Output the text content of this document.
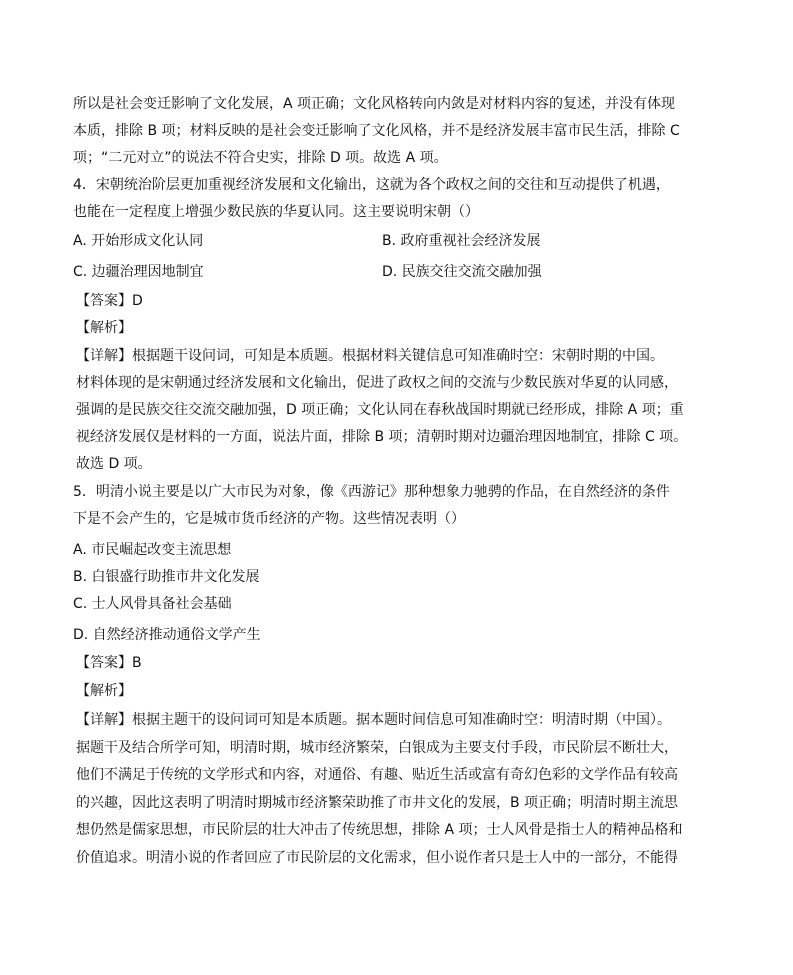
所以是社会变迁影响了文化发展，A 项正确；文化风格转向内敛是对材料内容的复述，并没有体现
本质，排除 B 项；材料反映的是社会变迁影响了文化风格，并不是经济发展丰富市民生活，排除 C
项；“二元对立”的说法不符合史实，排除 D 项。故选 A 项。
4．宋朝统治阶层更加重视经济发展和文化输出，这就为各个政权之间的交往和互动提供了机遇，
也能在一定程度上增强少数民族的华夏认同。这主要说明宋朝（）
A. 开始形成文化认同	B. 政府重视社会经济发展
C. 边疆治理因地制宜	D. 民族交往交流交融加强
【答案】D
【解析】
【详解】根据题干设问词，可知是本质题。根据材料关键信息可知准确时空：宋朝时期的中国。
材料体现的是宋朝通过经济发展和文化输出，促进了政权之间的交流与少数民族对华夏的认同感，
强调的是民族交往交流交融加强，D 项正确；文化认同在春秋战国时期就已经形成，排除 A 项；重
视经济发展仅是材料的一方面，说法片面，排除 B 项；清朝时期对边疆治理因地制宜，排除 C 项。
故选 D 项。
5．明清小说主要是以广大市民为对象，像《西游记》那种想象力驰骋的作品，在自然经济的条件
下是不会产生的，它是城市货币经济的产物。这些情况表明（）
A. 市民崛起改变主流思想
B. 白银盛行助推市井文化发展
C. 士人风骨具备社会基础
D. 自然经济推动通俗文学产生
【答案】B
【解析】
【详解】根据主题干的设问词可知是本质题。据本题时间信息可知准确时空：明清时期（中国）。
据题干及结合所学可知，明清时期，城市经济繁荣，白银成为主要支付手段，市民阶层不断壮大，
他们不满足于传统的文学形式和内容，对通俗、有趣、贴近生活或富有奇幻色彩的文学作品有较高
的兴趣，因此这表明了明清时期城市经济繁荣助推了市井文化的发展，B 项正确；明清时期主流思
想仍然是儒家思想，市民阶层的壮大冲击了传统思想，排除 A 项；士人风骨是指士人的精神品格和
价值追求。明清小说的作者回应了市民阶层的文化需求，但小说作者只是士人中的一部分，不能得
